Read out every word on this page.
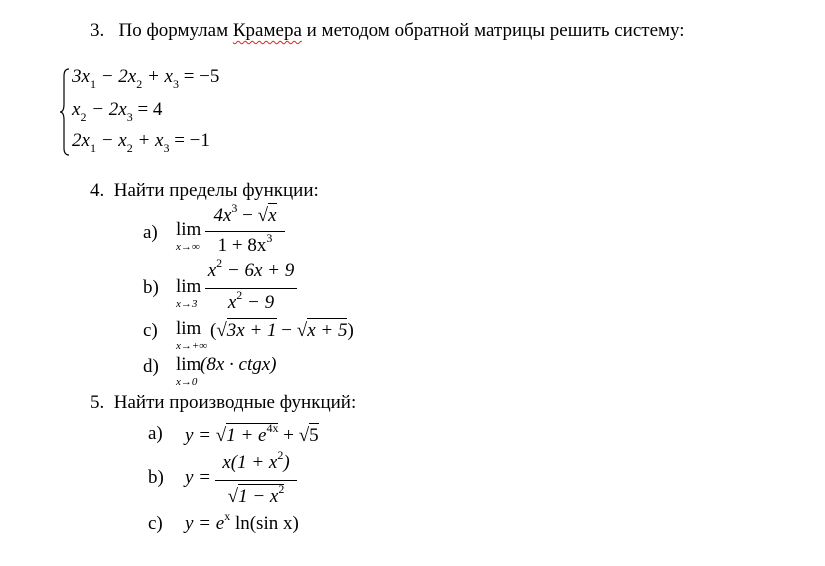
3. По формулам Крамера и методом обратной матрицы решить систему:
$3x_1 - 2x_2 + x_3 = -5$
$x_2 - 2x_3 = 4$
$2x_1 - x_2 + x_3 = -1$
4. Найти пределы функции:
a) lim
x→∞
$4x^3 - √x$
$1 + 8x^3$
b) lim
x→3
$x^2 - 6x + 9$
$x^2 - 9$
c) lim
x→+∞
(√3x + 1 − √x + 5)
d) lim
x→0
(8x · ctgx)
5. Найти производные функций:
a) $y = √1 + e^{4x} + √5$
b) y =
$x(1 + x^2)$
$√1 - x^2$
c) $y = e^x$ ln(sin x)
